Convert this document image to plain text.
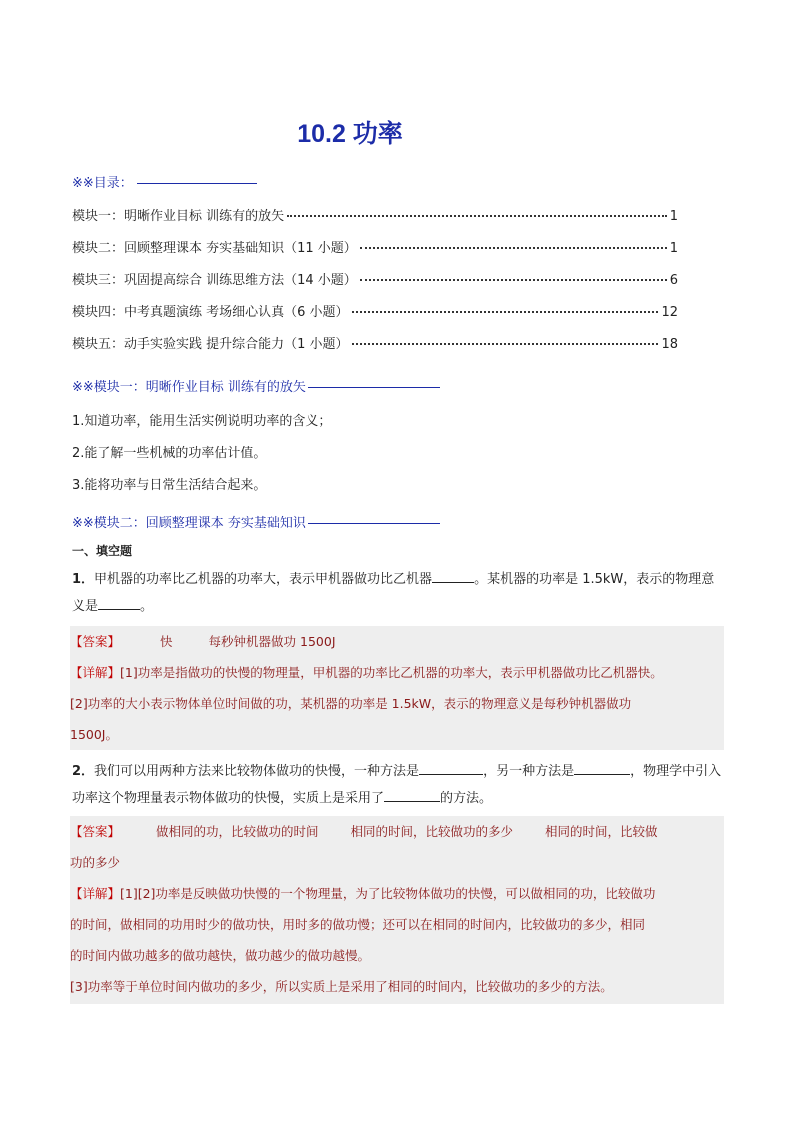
10.2 功率
※※目录：
模块一：明晰作业目标 训练有的放矢	1
模块二：回顾整理课本 夯实基础知识（11 小题）	1
模块三：巩固提高综合 训练思维方法（14 小题）	6
模块四：中考真题演练 考场细心认真（6 小题）	12
模块五：动手实验实践 提升综合能力（1 小题）	18
※※模块一：明晰作业目标 训练有的放矢
1.知道功率，能用生活实例说明功率的含义；
2.能了解一些机械的功率估计值。
3.能将功率与日常生活结合起来。
※※模块二：回顾整理课本 夯实基础知识
一、填空题
1．甲机器的功率比乙机器的功率大，表示甲机器做功比乙机器	。某机器的功率是 1.5kW，表示的物理意义是	。
【答案】	快	每秒钟机器做功 1500J
【详解】[1]功率是指做功的快慢的物理量，甲机器的功率比乙机器的功率大，表示甲机器做功比乙机器快。
[2]功率的大小表示物体单位时间做的功，某机器的功率是 1.5kW，表示的物理意义是每秒钟机器做功
1500J。
2．我们可以用两种方法来比较物体做功的快慢，一种方法是	，另一种方法是	，物理学中引入功率这个物理量表示物体做功的快慢，实质上是采用了	的方法。
【答案】	做相同的功，比较做功的时间	相同的时间，比较做功的多少	相同的时间，比较做
功的多少
【详解】[1][2]功率是反映做功快慢的一个物理量，为了比较物体做功的快慢，可以做相同的功，比较做功
的时间，做相同的功用时少的做功快，用时多的做功慢；还可以在相同的时间内，比较做功的多少，相同
的时间内做功越多的做功越快，做功越少的做功越慢。
[3]功率等于单位时间内做功的多少，所以实质上是采用了相同的时间内，比较做功的多少的方法。
